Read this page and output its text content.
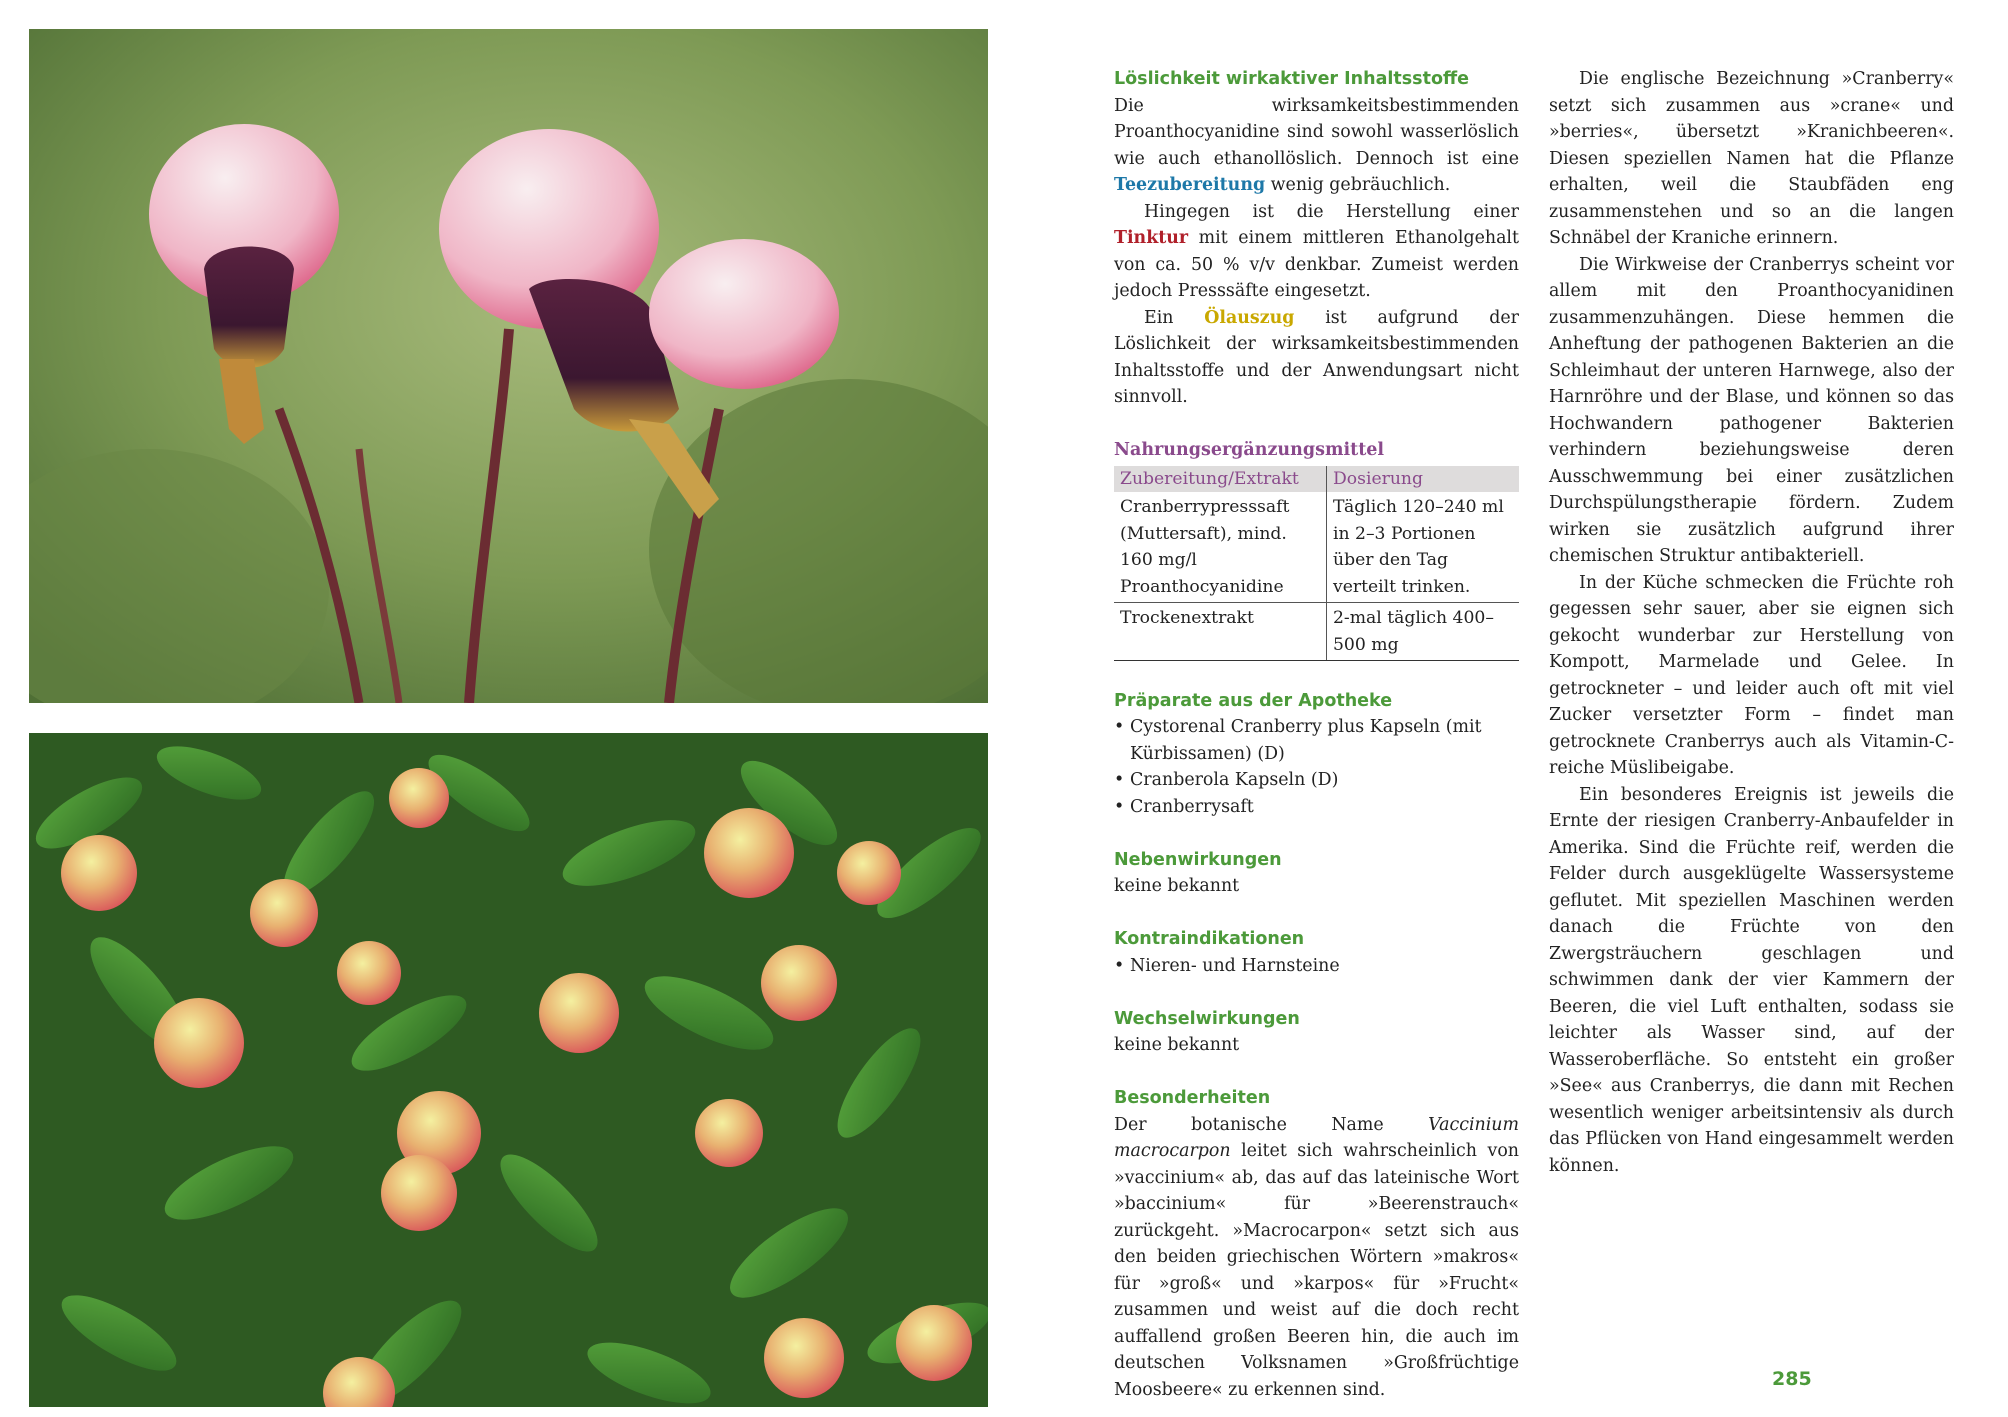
Löslichkeit wirkaktiver Inhaltsstoffe

Die wirksamkeitsbestimmenden Proanthocyanidine sind sowohl wasserlöslich wie auch ethanollöslich. Dennoch ist eine Teezubereitung wenig gebräuchlich.

Hingegen ist die Herstellung einer Tinktur mit einem mittleren Ethanolgehalt von ca. 50 % v/v denkbar. Zumeist werden jedoch Presssäfte eingesetzt.

Ein Ölauszug ist aufgrund der Löslichkeit der wirksamkeitsbestimmenden Inhaltsstoffe und der Anwendungsart nicht sinnvoll.

Nahrungsergänzungsmittel
Zubereitung/Extrakt	Dosierung
Cranberrypresssaft (Muttersaft), mind. 160 mg/l Proanthocyanidine	Täglich 120–240 ml in 2–3 Portionen über den Tag verteilt trinken.
Trockenextrakt	2-mal täglich 400–500 mg
Präparate aus der Apotheke
• Cystorenal Cranberry plus Kapseln (mit Kürbissamen) (D)
• Cranberola Kapseln (D)
• Cranberrysaft
Nebenwirkungen

keine bekannt

Kontraindikationen
• Nieren- und Harnsteine
Wechselwirkungen

keine bekannt

Besonderheiten

Der botanische Name Vaccinium macrocarpon leitet sich wahrscheinlich von »vaccinium« ab, das auf das lateinische Wort »baccinium« für »Beerenstrauch« zurückgeht. »Macrocarpon« setzt sich aus den beiden griechischen Wörtern »makros« für »groß« und »karpos« für »Frucht« zusammen und weist auf die doch recht auffallend großen Beeren hin, die auch im deutschen Volksnamen »Großfrüchtige Moosbeere« zu erkennen sind.

Die englische Bezeichnung »Cranberry« setzt sich zusammen aus »crane« und »berries«, übersetzt »Kranichbeeren«. Diesen speziellen Namen hat die Pflanze erhalten, weil die Staubfäden eng zusammenstehen und so an die langen Schnäbel der Kraniche erinnern.

Die Wirkweise der Cranberrys scheint vor allem mit den Proanthocyanidinen zusammenzuhängen. Diese hemmen die Anheftung der pathogenen Bakterien an die Schleimhaut der unteren Harnwege, also der Harnröhre und der Blase, und können so das Hochwandern pathogener Bakterien verhindern beziehungsweise deren Ausschwemmung bei einer zusätzlichen Durchspülungstherapie fördern. Zudem wirken sie zusätzlich aufgrund ihrer chemischen Struktur antibakteriell.

In der Küche schmecken die Früchte roh gegessen sehr sauer, aber sie eignen sich gekocht wunderbar zur Herstellung von Kompott, Marmelade und Gelee. In getrockneter – und leider auch oft mit viel Zucker versetzter Form – findet man getrocknete Cranberrys auch als Vitamin-C-reiche Müslibeigabe.

Ein besonderes Ereignis ist jeweils die Ernte der riesigen Cranberry-Anbaufelder in Amerika. Sind die Früchte reif, werden die Felder durch ausgeklügelte Wassersysteme geflutet. Mit speziellen Maschinen werden danach die Früchte von den Zwergsträuchern geschlagen und schwimmen dank der vier Kammern der Beeren, die viel Luft enthalten, sodass sie leichter als Wasser sind, auf der Wasseroberfläche. So entsteht ein großer »See« aus Cranberrys, die dann mit Rechen wesentlich weniger arbeitsintensiv als durch das Pflücken von Hand eingesammelt werden können.

285
